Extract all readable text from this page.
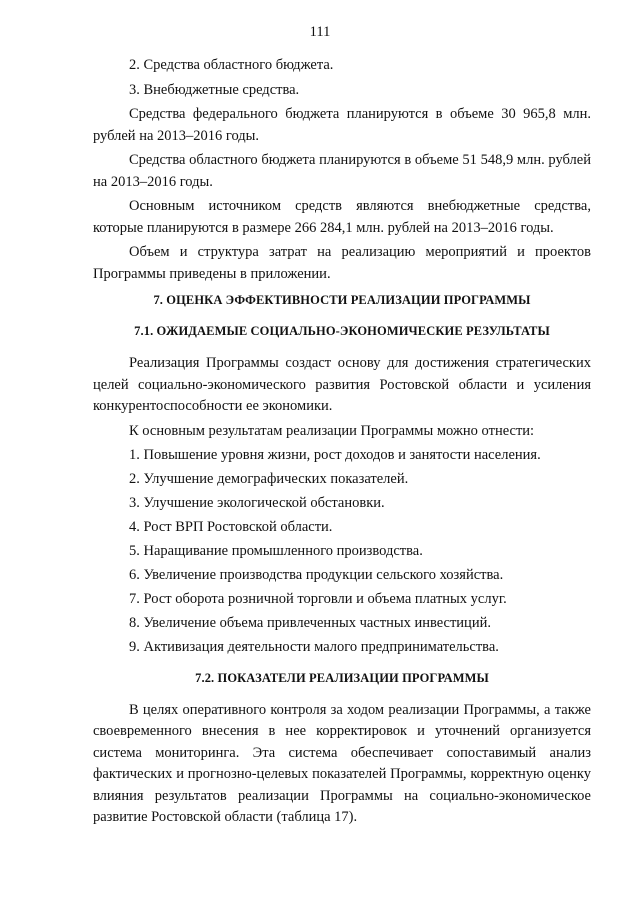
111
2. Средства областного бюджета.
3. Внебюджетные средства.

Средства федерального бюджета планируются в объеме 30 965,8 млн. рублей на 2013–2016 годы.

Средства областного бюджета планируются в объеме 51 548,9 млн. рублей на 2013–2016 годы.

Основным источником средств являются внебюджетные средства, которые планируются в размере 266 284,1 млн. рублей на 2013–2016 годы.

Объем и структура затрат на реализацию мероприятий и проектов Программы приведены в приложении.

7. ОЦЕНКА ЭФФЕКТИВНОСТИ РЕАЛИЗАЦИИ ПРОГРАММЫ
7.1. ОЖИДАЕМЫЕ СОЦИАЛЬНО-ЭКОНОМИЧЕСКИЕ РЕЗУЛЬТАТЫ

Реализация Программы создаст основу для достижения стратегических целей социально-экономического развития Ростовской области и усиления конкурентоспособности ее экономики.

К основным результатам реализации Программы можно отнести:
1. Повышение уровня жизни, рост доходов и занятости населения.
2. Улучшение демографических показателей.
3. Улучшение экологической обстановки.
4. Рост ВРП Ростовской области.
5. Наращивание промышленного производства.
6. Увеличение производства продукции сельского хозяйства.
7. Рост оборота розничной торговли и объема платных услуг.
8. Увеличение объема привлеченных частных инвестиций.
9. Активизация деятельности малого предпринимательства.
7.2. ПОКАЗАТЕЛИ РЕАЛИЗАЦИИ ПРОГРАММЫ

В целях оперативного контроля за ходом реализации Программы, а также своевременного внесения в нее корректировок и уточнений организуется система мониторинга. Эта система обеспечивает сопоставимый анализ фактических и прогнозно-целевых показателей Программы, корректную оценку влияния результатов реализации Программы на социально-экономическое развитие Ростовской области (таблица 17).
